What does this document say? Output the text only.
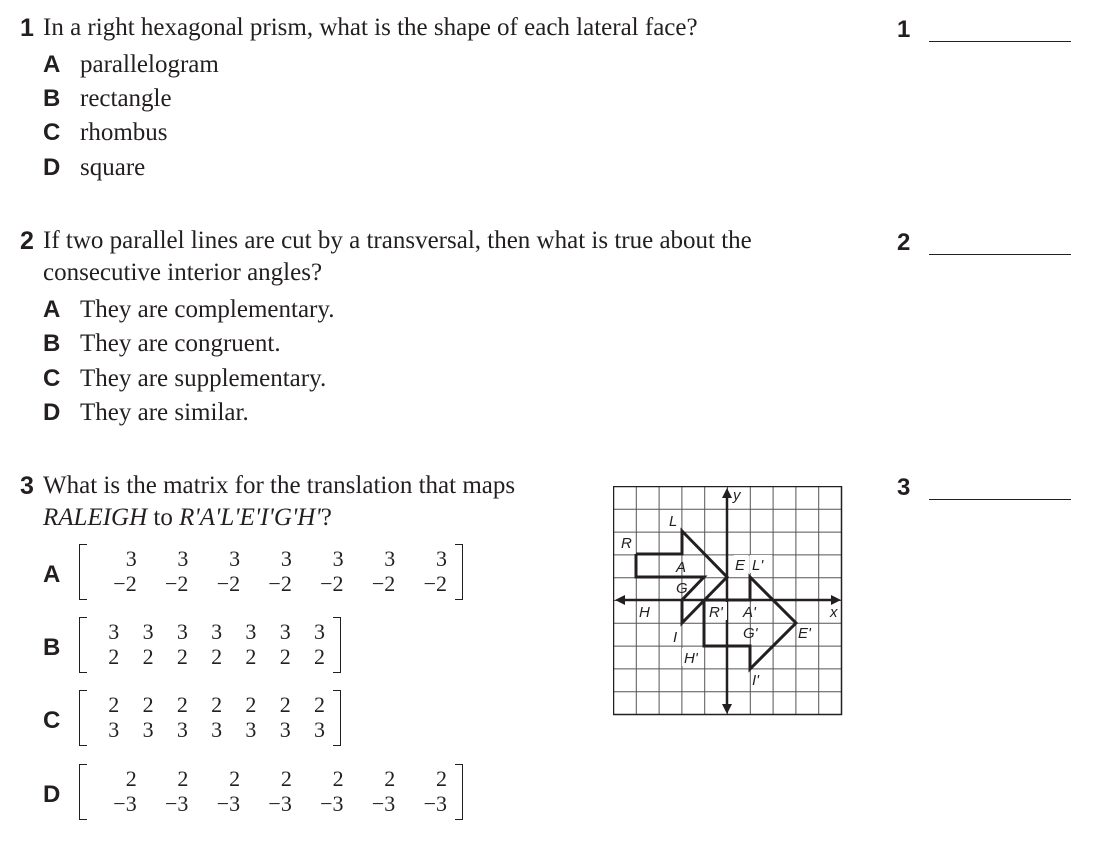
1 In a right hexagonal prism, what is the shape of each lateral face?
A parallelogram
B rectangle
C rhombus
D square
1
2 If two parallel lines are cut by a transversal, then what is true about the
consecutive interior angles?
A They are complementary.
B They are congruent.
C They are supplementary.
D They are similar.
2
3 What is the matrix for the translation that maps
RALEIGH to R'A'L'E'I'G'H'?
A
3	3	3	3	3	3	3
−2	−2	−2	−2	−2	−2	−2
B
3	3	3	3	3	3	3
2	2	2	2	2	2	2
C
2	2	2	2	2	2	2
3	3	3	3	3	3	3
D
2	2	2	2	2	2	2
−3	−3	−3	−3	−3	−3	−3
3
R
L
A
G
E
H
I
R'
L'
A'
G'	E'
H'
I'
x
y
